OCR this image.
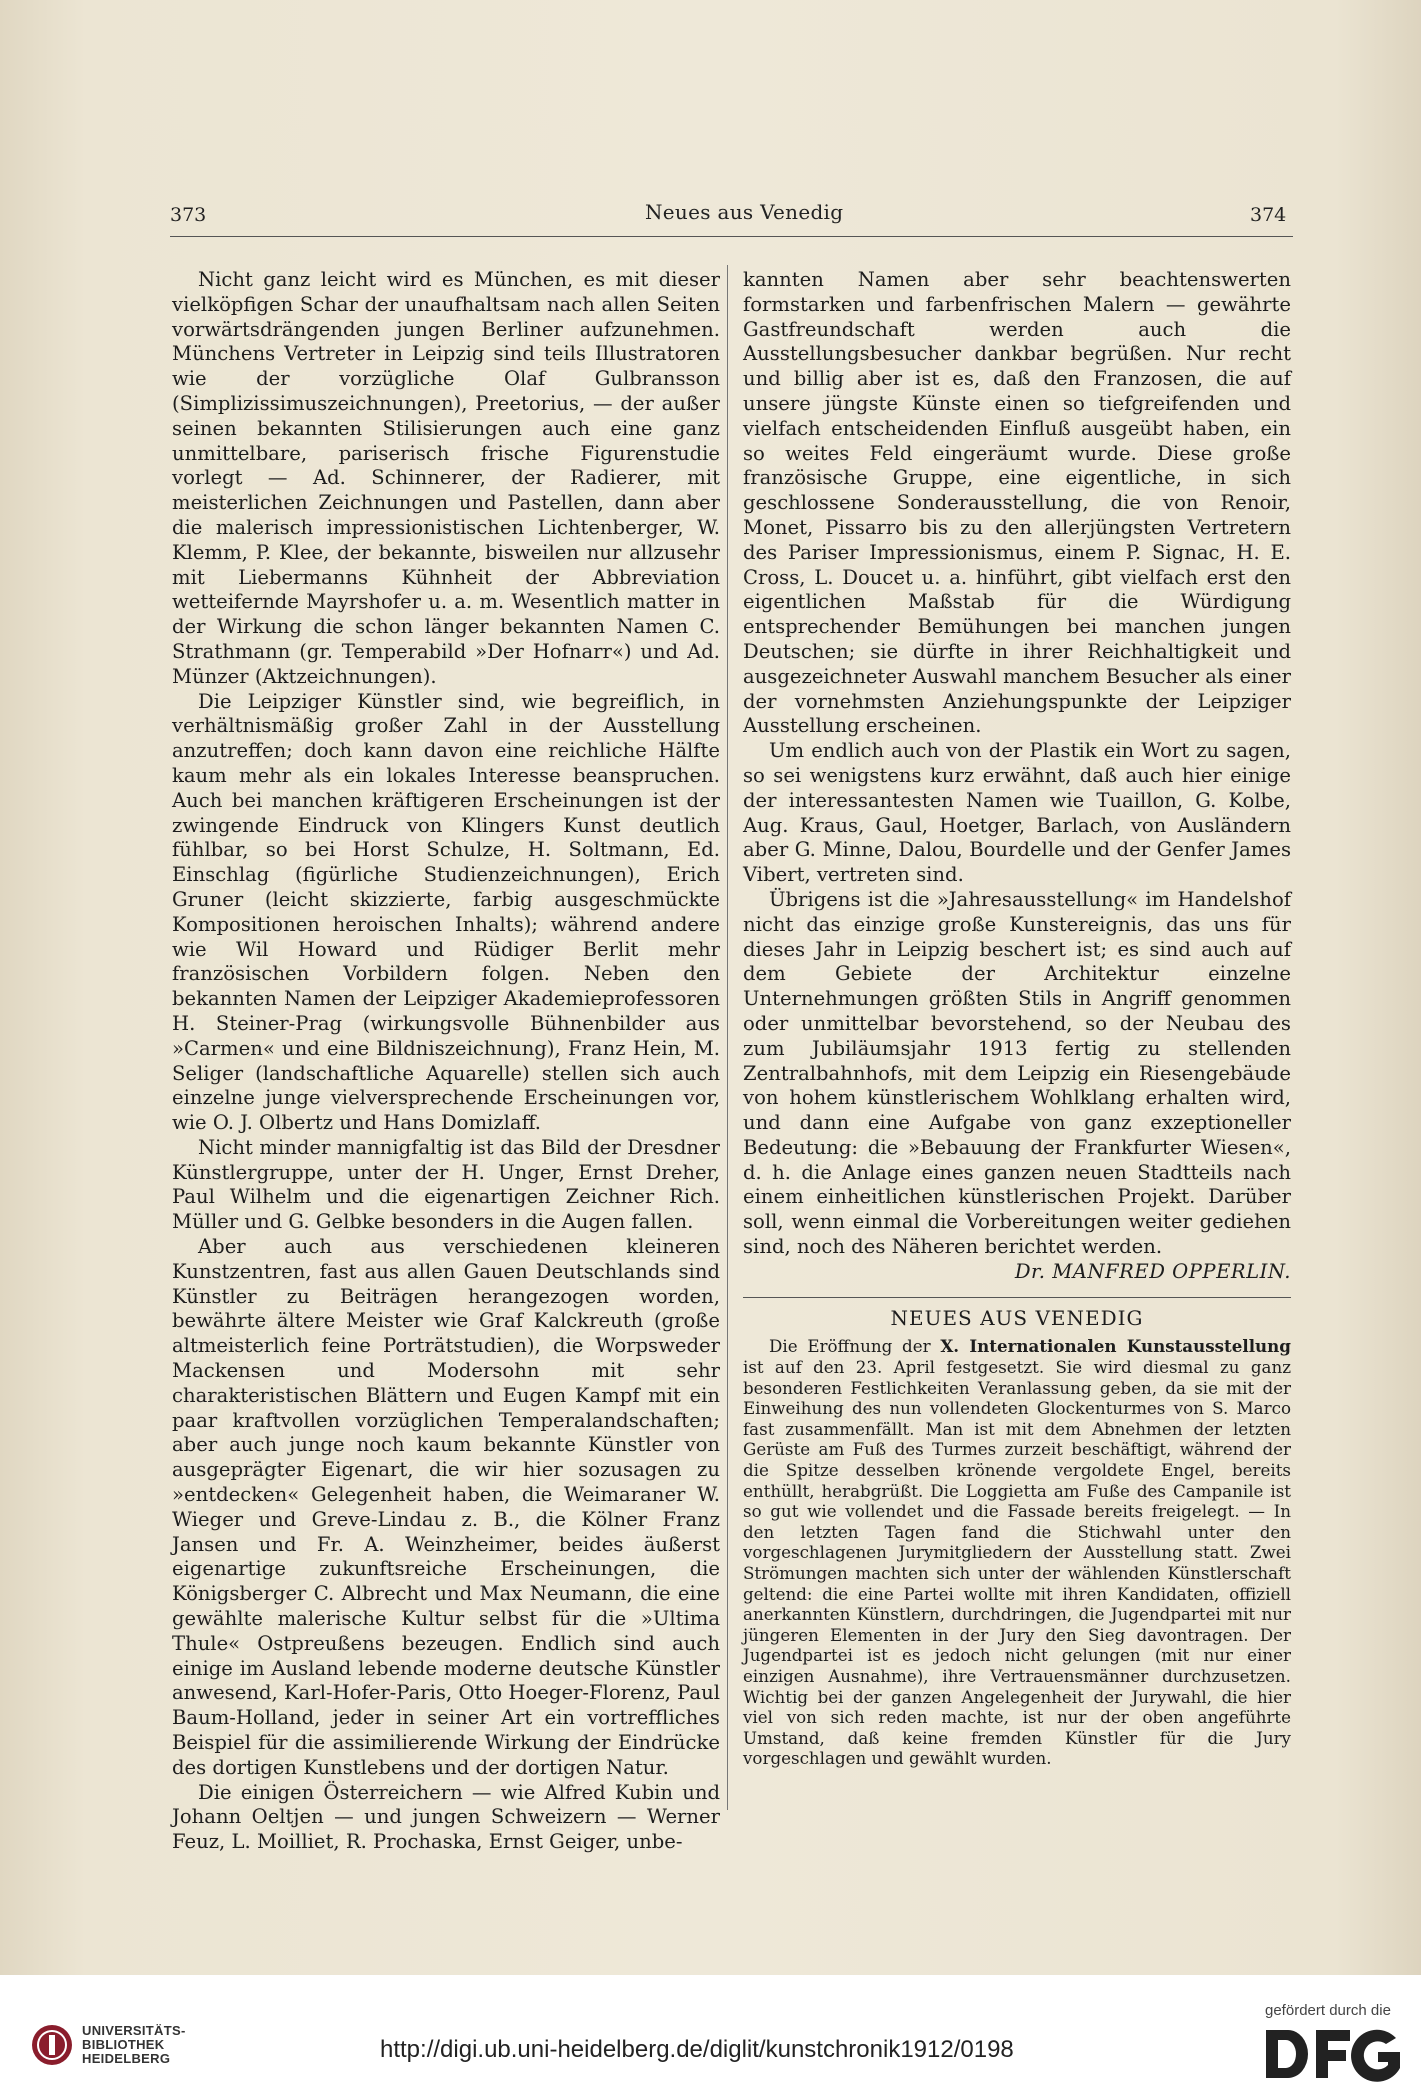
373	Neues aus Venedig	374

Nicht ganz leicht wird es München, es mit dieser vielköpfigen Schar der unaufhaltsam nach allen Seiten vorwärtsdrängenden jungen Berliner aufzunehmen. Münchens Vertreter in Leipzig sind teils Illustratoren wie der vorzügliche Olaf Gulbransson (Simplizissimuszeichnungen), Preetorius, — der außer seinen bekannten Stilisierungen auch eine ganz unmittelbare, pariserisch frische Figurenstudie vorlegt — Ad. Schinnerer, der Radierer, mit meisterlichen Zeichnungen und Pastellen, dann aber die malerisch impressionistischen Lichtenberger, W. Klemm, P. Klee, der bekannte, bisweilen nur allzusehr mit Liebermanns Kühnheit der Abbreviation wetteifernde Mayrshofer u. a. m. Wesentlich matter in der Wirkung die schon länger bekannten Namen C. Strathmann (gr. Temperabild »Der Hofnarr«) und Ad. Münzer (Aktzeichnungen).

Die Leipziger Künstler sind, wie begreiflich, in verhältnismäßig großer Zahl in der Ausstellung anzutreffen; doch kann davon eine reichliche Hälfte kaum mehr als ein lokales Interesse beanspruchen. Auch bei manchen kräftigeren Erscheinungen ist der zwingende Eindruck von Klingers Kunst deutlich fühlbar, so bei Horst Schulze, H. Soltmann, Ed. Einschlag (figürliche Studienzeichnungen), Erich Gruner (leicht skizzierte, farbig ausgeschmückte Kompositionen heroischen Inhalts); während andere wie Wil Howard und Rüdiger Berlit mehr französischen Vorbildern folgen. Neben den bekannten Namen der Leipziger Akademieprofessoren H. Steiner-Prag (wirkungsvolle Bühnenbilder aus »Carmen« und eine Bildniszeichnung), Franz Hein, M. Seliger (landschaftliche Aquarelle) stellen sich auch einzelne junge vielversprechende Erscheinungen vor, wie O. J. Olbertz und Hans Domizlaff.

Nicht minder mannigfaltig ist das Bild der Dresdner Künstlergruppe, unter der H. Unger, Ernst Dreher, Paul Wilhelm und die eigenartigen Zeichner Rich. Müller und G. Gelbke besonders in die Augen fallen.

Aber auch aus verschiedenen kleineren Kunstzentren, fast aus allen Gauen Deutschlands sind Künstler zu Beiträgen herangezogen worden, bewährte ältere Meister wie Graf Kalckreuth (große altmeisterlich feine Porträtstudien), die Worpsweder Mackensen und Modersohn mit sehr charakteristischen Blättern und Eugen Kampf mit ein paar kraftvollen vorzüglichen Temperalandschaften; aber auch junge noch kaum bekannte Künstler von ausgeprägter Eigenart, die wir hier sozusagen zu »entdecken« Gelegenheit haben, die Weimaraner W. Wieger und Greve-Lindau z. B., die Kölner Franz Jansen und Fr. A. Weinzheimer, beides äußerst eigenartige zukunftsreiche Erscheinungen, die Königsberger C. Albrecht und Max Neumann, die eine gewählte malerische Kultur selbst für die »Ultima Thule« Ostpreußens bezeugen. Endlich sind auch einige im Ausland lebende moderne deutsche Künstler anwesend, Karl-Hofer-Paris, Otto Hoeger-Florenz, Paul Baum-Holland, jeder in seiner Art ein vortreffliches Beispiel für die assimilierende Wirkung der Eindrücke des dortigen Kunstlebens und der dortigen Natur.

Die einigen Österreichern — wie Alfred Kubin und Johann Oeltjen — und jungen Schweizern — Werner Feuz, L. Moilliet, R. Prochaska, Ernst Geiger, unbe-

kannten Namen aber sehr beachtenswerten formstarken und farbenfrischen Malern — gewährte Gastfreundschaft werden auch die Ausstellungsbesucher dankbar begrüßen. Nur recht und billig aber ist es, daß den Franzosen, die auf unsere jüngste Künste einen so tiefgreifenden und vielfach entscheidenden Einfluß ausgeübt haben, ein so weites Feld eingeräumt wurde. Diese große französische Gruppe, eine eigentliche, in sich geschlossene Sonderausstellung, die von Renoir, Monet, Pissarro bis zu den allerjüngsten Vertretern des Pariser Impressionismus, einem P. Signac, H. E. Cross, L. Doucet u. a. hinführt, gibt vielfach erst den eigentlichen Maßstab für die Würdigung entsprechender Bemühungen bei manchen jungen Deutschen; sie dürfte in ihrer Reichhaltigkeit und ausgezeichneter Auswahl manchem Besucher als einer der vornehmsten Anziehungspunkte der Leipziger Ausstellung erscheinen.

Um endlich auch von der Plastik ein Wort zu sagen, so sei wenigstens kurz erwähnt, daß auch hier einige der interessantesten Namen wie Tuaillon, G. Kolbe, Aug. Kraus, Gaul, Hoetger, Barlach, von Ausländern aber G. Minne, Dalou, Bourdelle und der Genfer James Vibert, vertreten sind.

Übrigens ist die »Jahresausstellung« im Handelshof nicht das einzige große Kunstereignis, das uns für dieses Jahr in Leipzig beschert ist; es sind auch auf dem Gebiete der Architektur einzelne Unternehmungen größten Stils in Angriff genommen oder unmittelbar bevorstehend, so der Neubau des zum Jubiläumsjahr 1913 fertig zu stellenden Zentralbahnhofs, mit dem Leipzig ein Riesengebäude von hohem künstlerischem Wohlklang erhalten wird, und dann eine Aufgabe von ganz exzeptioneller Bedeutung: die »Bebauung der Frankfurter Wiesen«, d. h. die Anlage eines ganzen neuen Stadtteils nach einem einheitlichen künstlerischen Projekt. Darüber soll, wenn einmal die Vorbereitungen weiter gediehen sind, noch des Näheren berichtet werden.

Dr. MANFRED OPPERLIN.
NEUES AUS VENEDIG

Die Eröffnung der X. Internationalen Kunstausstellung ist auf den 23. April festgesetzt. Sie wird diesmal zu ganz besonderen Festlichkeiten Veranlassung geben, da sie mit der Einweihung des nun vollendeten Glockenturmes von S. Marco fast zusammenfällt. Man ist mit dem Abnehmen der letzten Gerüste am Fuß des Turmes zurzeit beschäftigt, während der die Spitze desselben krönende vergoldete Engel, bereits enthüllt, herabgrüßt. Die Loggietta am Fuße des Campanile ist so gut wie vollendet und die Fassade bereits freigelegt. — In den letzten Tagen fand die Stichwahl unter den vorgeschlagenen Jurymitgliedern der Ausstellung statt. Zwei Strömungen machten sich unter der wählenden Künstlerschaft geltend: die eine Partei wollte mit ihren Kandidaten, offiziell anerkannten Künstlern, durchdringen, die Jugendpartei mit nur jüngeren Elementen in der Jury den Sieg davontragen. Der Jugendpartei ist es jedoch nicht gelungen (mit nur einer einzigen Ausnahme), ihre Vertrauensmänner durchzusetzen. Wichtig bei der ganzen Angelegenheit der Jurywahl, die hier viel von sich reden machte, ist nur der oben angeführte Umstand, daß keine fremden Künstler für die Jury vorgeschlagen und gewählt wurden.

UNIVERSITÄTS-
BIBLIOTHEK
HEIDELBERG	http://digi.ub.uni-heidelberg.de/diglit/kunstchronik1912/0198
gefördert durch die
